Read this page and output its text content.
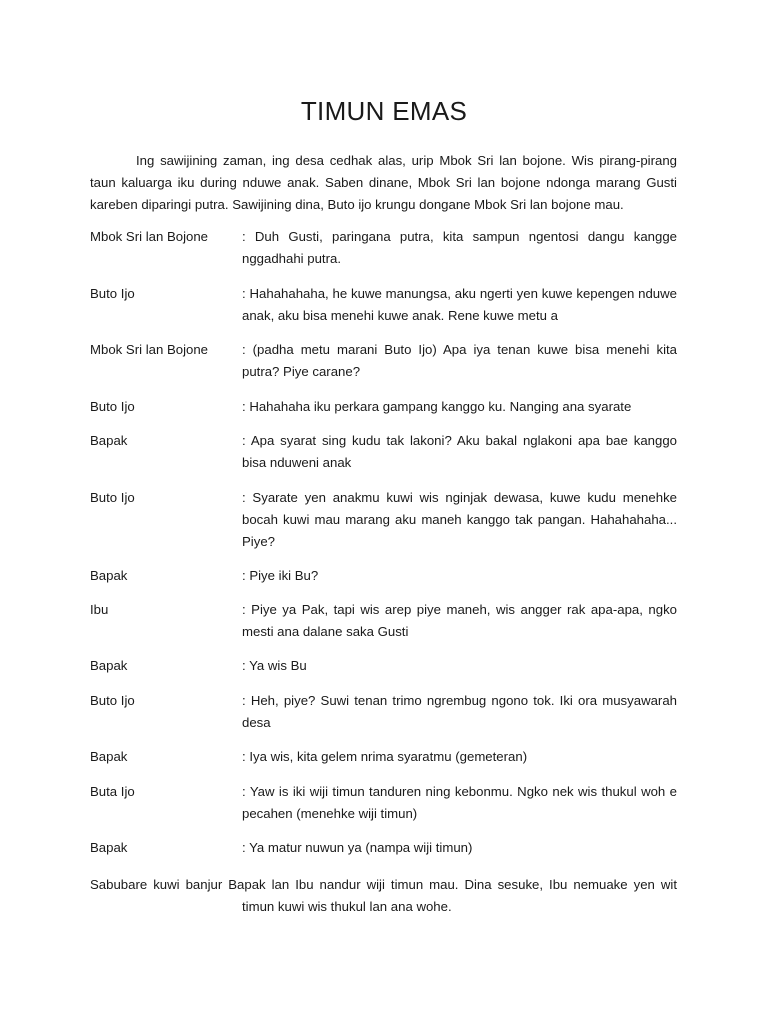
TIMUN EMAS

Ing sawijining zaman, ing desa cedhak alas, urip Mbok Sri lan bojone. Wis pirang-pirang taun kaluarga iku during nduwe anak. Saben dinane, Mbok Sri lan bojone ndonga marang Gusti kareben diparingi putra. Sawijining dina, Buto ijo krungu dongane Mbok Sri lan bojone mau.

Mbok Sri lan Bojone	: Duh Gusti, paringana putra, kita sampun ngentosi dangu kangge nggadhahi putra.
Buto Ijo	: Hahahahaha, he kuwe manungsa, aku ngerti yen kuwe kepengen nduwe anak, aku bisa menehi kuwe anak. Rene kuwe metu a
Mbok Sri lan Bojone	: (padha metu marani Buto Ijo) Apa iya tenan kuwe bisa menehi kita putra? Piye carane?
Buto Ijo	: Hahahaha iku perkara gampang kanggo ku. Nanging ana syarate
Bapak	: Apa syarat sing kudu tak lakoni? Aku bakal nglakoni apa bae kanggo bisa nduweni anak
Buto Ijo	: Syarate yen anakmu kuwi wis nginjak dewasa, kuwe kudu menehke bocah kuwi mau marang aku maneh kanggo tak pangan. Hahahahaha... Piye?
Bapak	: Piye iki Bu?
Ibu	: Piye ya Pak, tapi wis arep piye maneh, wis angger rak apa-apa, ngko mesti ana dalane saka Gusti
Bapak	: Ya wis Bu
Buto Ijo	: Heh, piye? Suwi tenan trimo ngrembug ngono tok. Iki ora musyawarah desa
Bapak	: Iya wis, kita gelem nrima syaratmu (gemeteran)
Buta Ijo	: Yaw is iki wiji timun tanduren ning kebonmu. Ngko nek wis thukul woh e pecahen (menehke wiji timun)
Bapak	: Ya matur nuwun ya (nampa wiji timun)
Sabubare kuwi banjur Bapak lan Ibu nandur wiji timun mau. Dina sesuke, Ibu nemuake yen wit
timun kuwi wis thukul lan ana wohe.
